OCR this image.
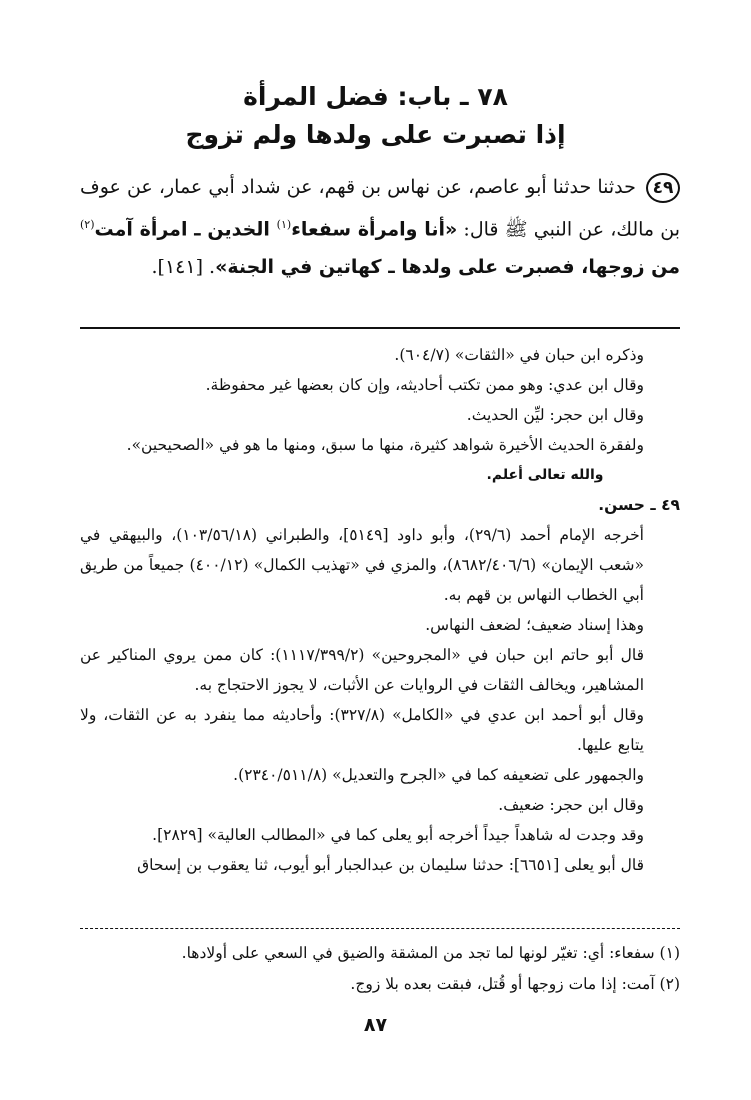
٧٨ ـ باب: فضل المرأة
إذا تصبرت على ولدها ولم تزوج
٤٩ حدثنا حدثنا أبو عاصم، عن نهاس بن قهم، عن شداد أبي عمار، عن عوف بن مالك، عن النبي ﷺ قال: «أنا وامرأة سفعاء$^{(١)}$ الخدين ـ امرأة آمت$^{(٢)}$ من زوجها، فصبرت على ولدها ـ كهاتين في الجنة». [١٤١].

وذكره ابن حبان في «الثقات» (٦٠٤/٧).

وقال ابن عدي: وهو ممن تكتب أحاديثه، وإن كان بعضها غير محفوظة.

وقال ابن حجر: ليِّن الحديث.

ولفقرة الحديث الأخيرة شواهد كثيرة، منها ما سبق، ومنها ما هو في «الصحيحين».

والله تعالى أعلم.

٤٩ ـ حسن.

أخرجه الإمام أحمد (٢٩/٦)، وأبو داود [٥١٤٩]، والطبراني (١٠٣/٥٦/١٨)، والبيهقي في «شعب الإيمان» (٨٦٨٢/٤٠٦/٦)، والمزي في «تهذيب الكمال» (٤٠٠/١٢) جميعاً من طريق أبي الخطاب النهاس بن قهم به.

وهذا إسناد ضعيف؛ لضعف النهاس.

قال أبو حاتم ابن حبان في «المجروحين» (١١١٧/٣٩٩/٢): كان ممن يروي المناكير عن المشاهير، ويخالف الثقات في الروايات عن الأثبات، لا يجوز الاحتجاج به.

وقال أبو أحمد ابن عدي في «الكامل» (٣٢٧/٨): وأحاديثه مما ينفرد به عن الثقات، ولا يتابع عليها.

والجمهور على تضعيفه كما في «الجرح والتعديل» (٢٣٤٠/٥١١/٨).

وقال ابن حجر: ضعيف.

وقد وجدت له شاهداً جيداً أخرجه أبو يعلى كما في «المطالب العالية» [٢٨٢٩].

قال أبو يعلى [٦٦٥١]: حدثنا سليمان بن عبدالجبار أبو أيوب، ثنا يعقوب بن إسحاق

(١) سفعاء: أي: تغيّر لونها لما تجد من المشقة والضيق في السعي على أولادها.

(٢) آمت: إذا مات زوجها أو قُتل، فبقت بعده بلا زوج.

٨٧
